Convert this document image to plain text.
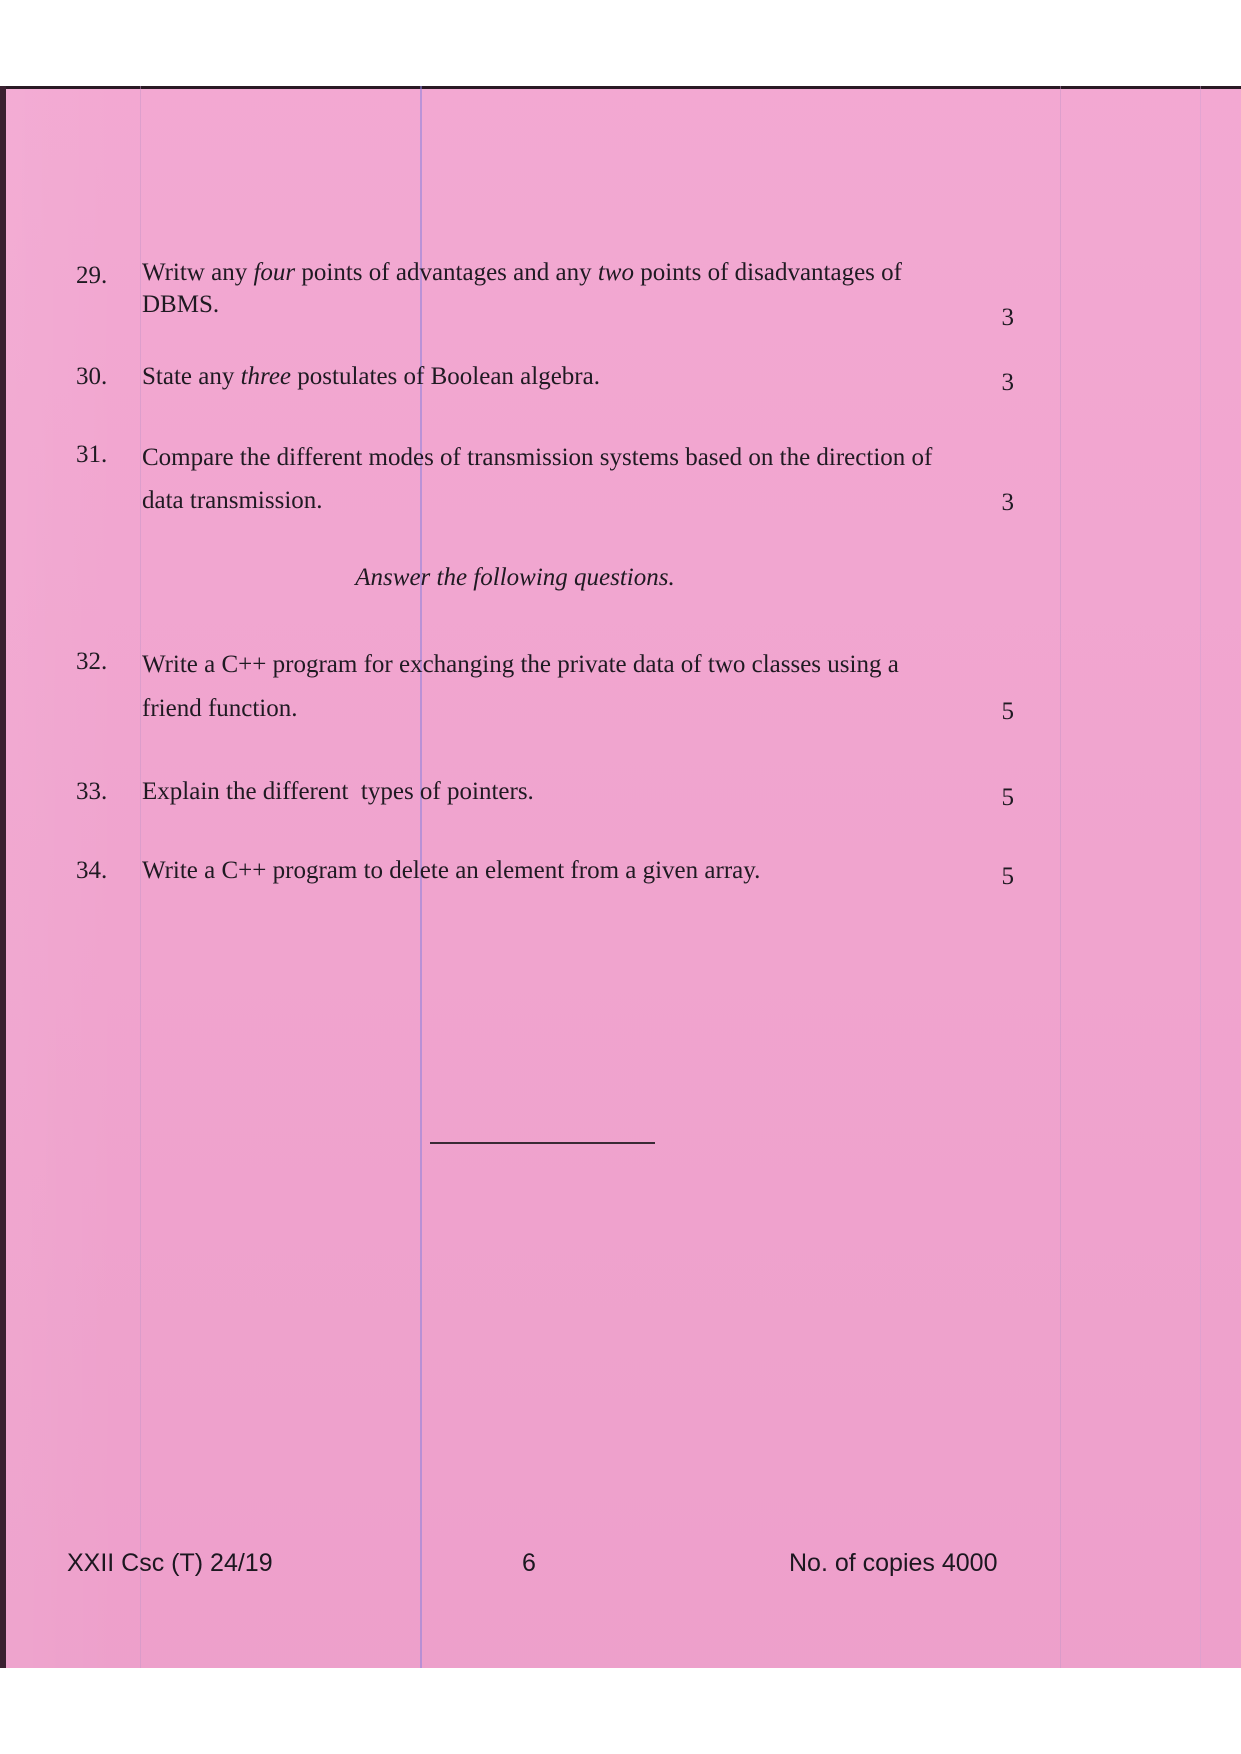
29.	Writw any four points of advantages and any two points of disadvantages of DBMS.	3
30.	State any three postulates of Boolean algebra.	3
31.	Compare the different modes of transmission systems based on the direction of data transmission.	3
Answer the following questions.
32.	Write a C++ program for exchanging the private data of two classes using a friend function.	5
33.	Explain the different  types of pointers.	5
34.	Write a C++ program to delete an element from a given array.	5
XXII Csc (T) 24/19	6	No. of copies 4000
